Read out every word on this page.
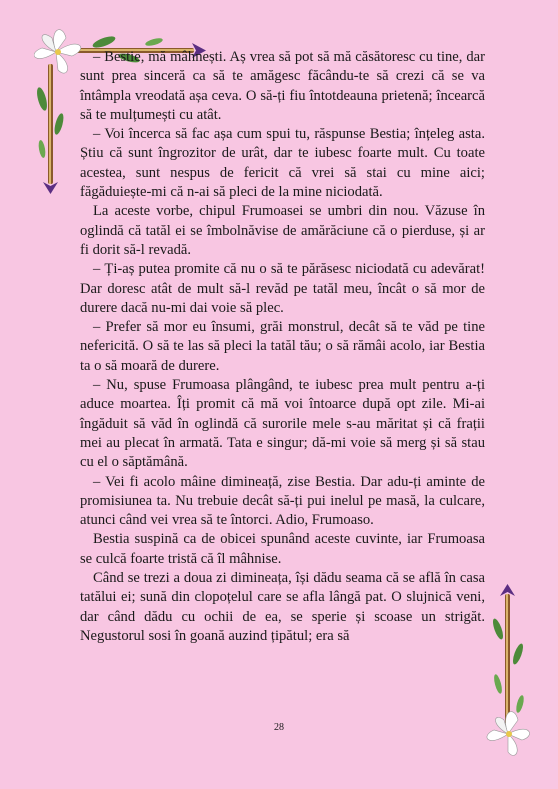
– Bestie, mă mâhnești. Aș vrea să pot să mă căsătoresc cu tine, dar sunt prea sinceră ca să te amăgesc făcându-te să crezi că se va întâmpla vreodată așa ceva. O să-ți fiu întotdeauna prietenă; încearcă să te mulțumești cu atât.

– Voi încerca să fac așa cum spui tu, răspunse Bestia; înțeleg asta. Știu că sunt îngrozitor de urât, dar te iubesc foarte mult. Cu toate acestea, sunt nespus de fericit că vrei să stai cu mine aici; făgăduiește-mi că n-ai să pleci de la mine niciodată.

La aceste vorbe, chipul Frumoasei se umbri din nou. Văzuse în oglindă că tatăl ei se îmbolnăvise de amărăciune că o pierduse, și ar fi dorit să-l revadă.

– Ți-aș putea promite că nu o să te părăsesc niciodată cu adevărat! Dar doresc atât de mult să-l revăd pe tatăl meu, încât o să mor de durere dacă nu-mi dai voie să plec.

– Prefer să mor eu însumi, grăi monstrul, decât să te văd pe tine nefericită. O să te las să pleci la tatăl tău; o să rămâi acolo, iar Bestia ta o să moară de durere.

– Nu, spuse Frumoasa plângând, te iubesc prea mult pentru a-ți aduce moartea. Îți promit că mă voi întoarce după opt zile. Mi-ai îngăduit să văd în oglindă că surorile mele s-au măritat și că frații mei au plecat în armată. Tata e singur; dă-mi voie să merg și să stau cu el o săptămână.

– Vei fi acolo mâine dimineață, zise Bestia. Dar adu-ți aminte de promisiunea ta. Nu trebuie decât să-ți pui inelul pe masă, la culcare, atunci când vei vrea să te întorci. Adio, Frumoaso.

Bestia suspină ca de obicei spunând aceste cuvinte, iar Frumoasa se culcă foarte tristă că îl mâhnise.

Când se trezi a doua zi dimineața, își dădu seama că se află în casa tatălui ei; sună din clopoțelul care se afla lângă pat. O slujnică veni, dar când dădu cu ochii de ea, se sperie și scoase un strigăt. Negustorul sosi în goană auzind țipătul; era să

28
